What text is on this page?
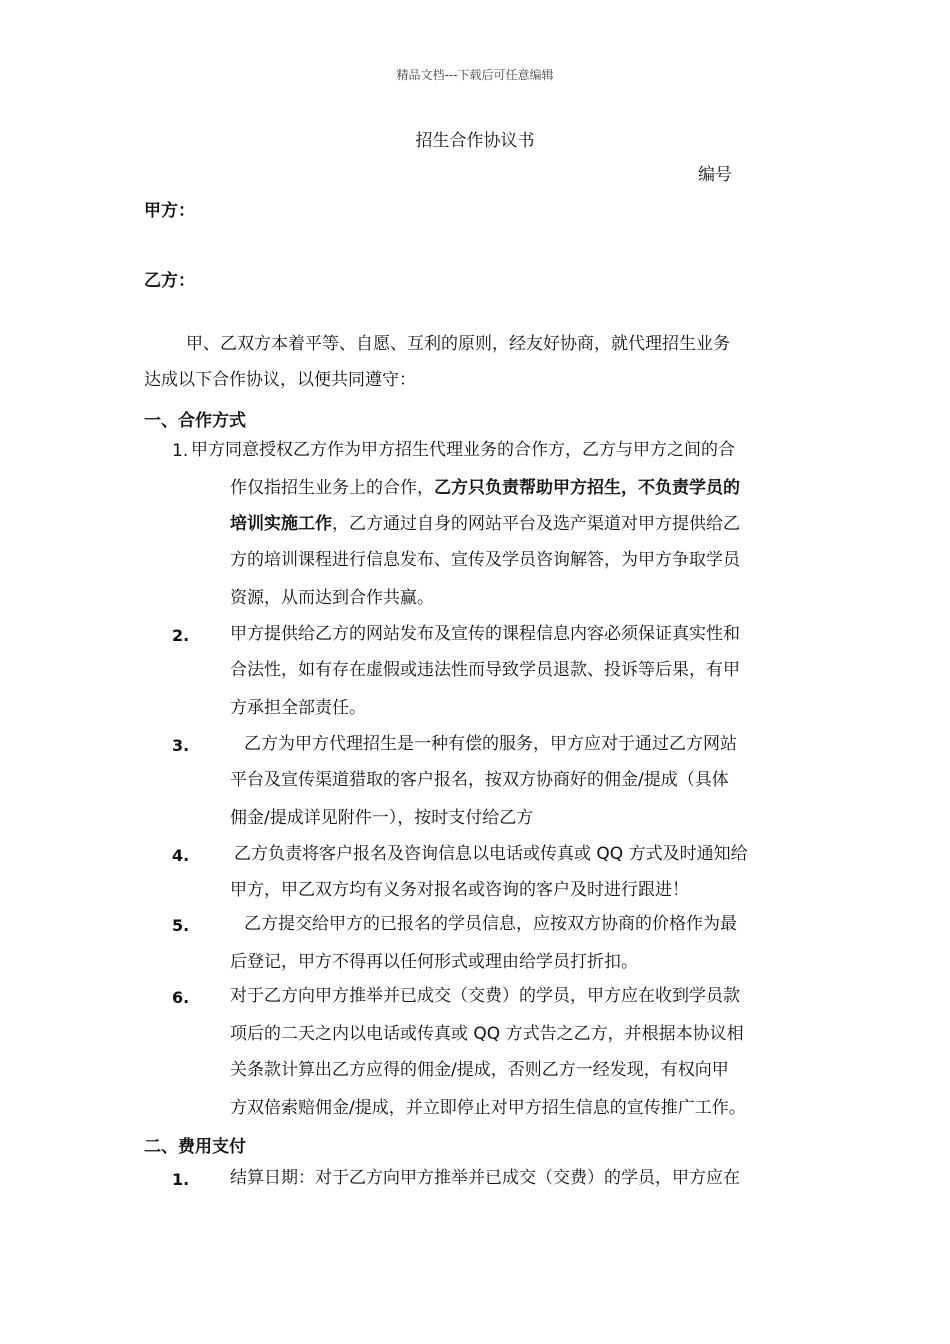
精品文档---下载后可任意编辑
招生合作协议书
编号
甲方：
乙方：
甲、乙双方本着平等、自愿、互利的原则，经友好协商，就代理招生业务
达成以下合作协议，以便共同遵守：
一、合作方式
1. 甲方同意授权乙方作为甲方招生代理业务的合作方，乙方与甲方之间的合
作仅指招生业务上的合作，乙方只负责帮助甲方招生，不负责学员的
培训实施工作，乙方通过自身的网站平台及选产渠道对甲方提供给乙
方的培训课程进行信息发布、宣传及学员咨询解答，为甲方争取学员
资源，从而达到合作共赢。
2. 甲方提供给乙方的网站发布及宣传的课程信息内容必须保证真实性和
合法性，如有存在虚假或违法性而导致学员退款、投诉等后果，有甲
方承担全部责任。
3.	乙方为甲方代理招生是一种有偿的服务，甲方应对于通过乙方网站
平台及宣传渠道猎取的客户报名，按双方协商好的佣金/提成（具体
佣金/提成详见附件一），按时支付给乙方
4.	乙方负责将客户报名及咨询信息以电话或传真或 QQ 方式及时通知给
甲方，甲乙双方均有义务对报名或咨询的客户及时进行跟进！
5.	乙方提交给甲方的已报名的学员信息，应按双方协商的价格作为最
后登记，甲方不得再以任何形式或理由给学员打折扣。
6. 对于乙方向甲方推举并已成交（交费）的学员，甲方应在收到学员款
项后的二天之内以电话或传真或 QQ 方式告之乙方，并根据本协议相
关条款计算出乙方应得的佣金/提成，否则乙方一经发现，有权向甲
方双倍索赔佣金/提成，并立即停止对甲方招生信息的宣传推广工作。
二、费用支付
1. 结算日期：对于乙方向甲方推举并已成交（交费）的学员，甲方应在
